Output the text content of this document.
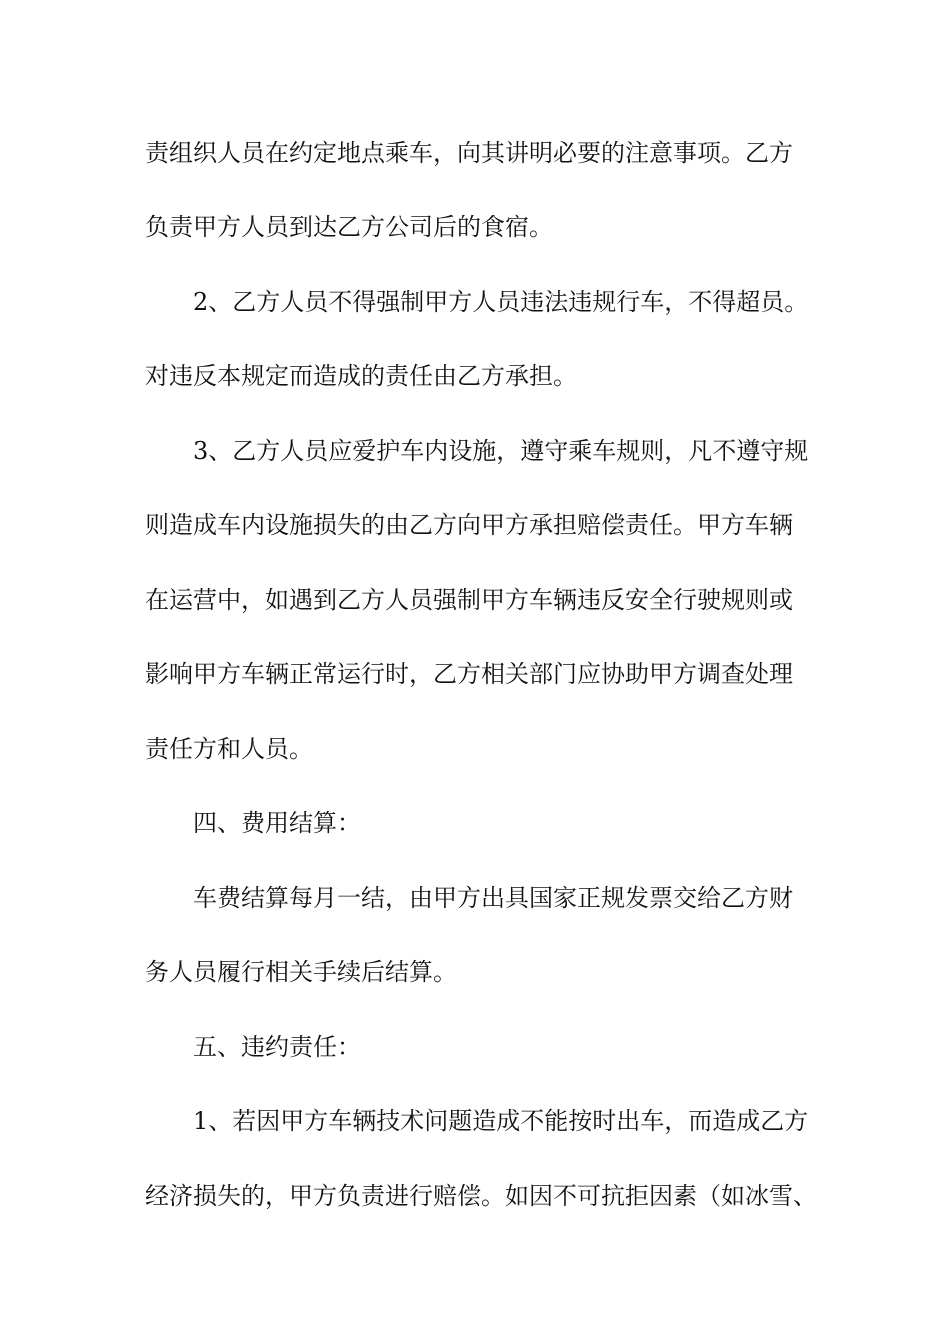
责组织人员在约定地点乘车，向其讲明必要的注意事项。乙方
负责甲方人员到达乙方公司后的食宿。
2、乙方人员不得强制甲方人员违法违规行车，不得超员。
对违反本规定而造成的责任由乙方承担。
3、乙方人员应爱护车内设施，遵守乘车规则，凡不遵守规
则造成车内设施损失的由乙方向甲方承担赔偿责任。甲方车辆
在运营中，如遇到乙方人员强制甲方车辆违反安全行驶规则或
影响甲方车辆正常运行时，乙方相关部门应协助甲方调查处理
责任方和人员。
四、费用结算：
车费结算每月一结，由甲方出具国家正规发票交给乙方财
务人员履行相关手续后结算。
五、违约责任：
1、若因甲方车辆技术问题造成不能按时出车，而造成乙方
经济损失的，甲方负责进行赔偿。如因不可抗拒因素（如冰雪、
